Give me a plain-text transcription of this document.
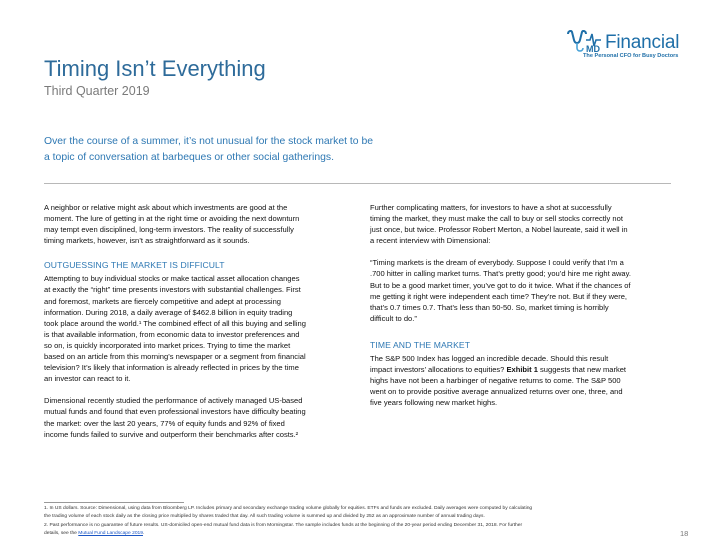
MD Financial
The Personal CFO for Busy Doctors
Timing Isn’t Everything
Third Quarter 2019
Over the course of a summer, it’s not unusual for the stock market to be
a topic of conversation at barbeques or other social gatherings.

A neighbor or relative might ask about which investments are good at the
moment. The lure of getting in at the right time or avoiding the next downturn
may tempt even disciplined, long-term investors. The reality of successfully
timing markets, however, isn’t as straightforward as it sounds.

OUTGUESSING THE MARKET IS DIFFICULT

Attempting to buy individual stocks or make tactical asset allocation changes
at exactly the “right” time presents investors with substantial challenges. First
and foremost, markets are fiercely competitive and adept at processing
information. During 2018, a daily average of $462.8 billion in equity trading
took place around the world.¹ The combined effect of all this buying and selling
is that available information, from economic data to investor preferences and
so on, is quickly incorporated into market prices. Trying to time the market
based on an article from this morning’s newspaper or a segment from financial
television? It’s likely that information is already reflected in prices by the time
an investor can react to it.

Dimensional recently studied the performance of actively managed US-based
mutual funds and found that even professional investors have difficulty beating
the market: over the last 20 years, 77% of equity funds and 92% of fixed
income funds failed to survive and outperform their benchmarks after costs.²

Further complicating matters, for investors to have a shot at successfully
timing the market, they must make the call to buy or sell stocks correctly not
just once, but twice. Professor Robert Merton, a Nobel laureate, said it well in
a recent interview with Dimensional:

“Timing markets is the dream of everybody. Suppose I could verify that I’m a
.700 hitter in calling market turns. That’s pretty good; you’d hire me right away.
But to be a good market timer, you’ve got to do it twice. What if the chances of
me getting it right were independent each time? They’re not. But if they were,
that’s 0.7 times 0.7. That’s less than 50-50. So, market timing is horribly
difficult to do.”

TIME AND THE MARKET

The S&P 500 Index has logged an incredible decade. Should this result
impact investors’ allocations to equities? Exhibit 1 suggests that new market
highs have not been a harbinger of negative returns to come. The S&P 500
went on to provide positive average annualized returns over one, three, and
five years following new market highs.

1. In US dollars. Source: Dimensional, using data from Bloomberg LP. Includes primary and secondary exchange trading volume globally for equities. ETFs and funds are excluded. Daily averages were computed by calculating

the trading volume of each stock daily as the closing price multiplied by shares traded that day. All such trading volume is summed up and divided by 252 as an approximate number of annual trading days.

2. Past performance is no guarantee of future results. US-domiciled open-end mutual fund data is from Morningstar. The sample includes funds at the beginning of the 20-year period ending December 31, 2018. For further

details, see the Mutual Fund Landscape 2019.	18
